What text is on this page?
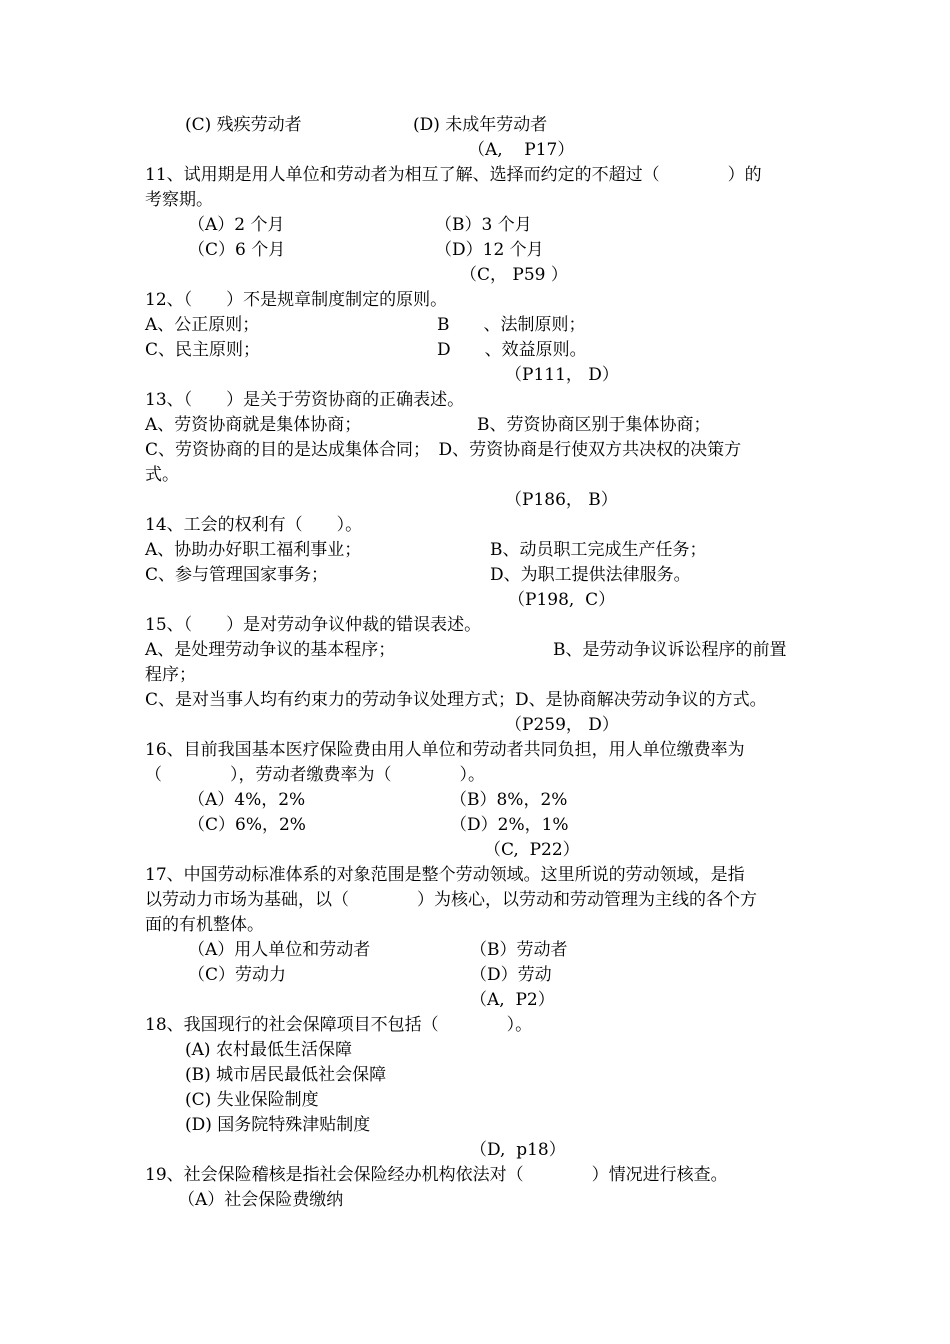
(C) 残疾劳动者	(D) 未成年劳动者
（A,    P17）
11、试用期是用人单位和劳动者为相互了解、选择而约定的不超过（　　　　）的
考察期。
（A）2 个月	（B）3 个月
（C）6 个月	（D）12 个月
（C， P59 ）
12、（　　）不是规章制度制定的原则。
A、公正原则；	B　　、法制原则；
C、民主原则；	D　　、效益原则。
（P111， D）
13、（　　）是关于劳资协商的正确表述。
A、劳资协商就是集体协商；	B、劳资协商区别于集体协商；
C、劳资协商的目的是达成集体合同；　D、劳资协商是行使双方共决权的决策方
式。
（P186， B）
14、工会的权利有（　　）。
A、协助办好职工福利事业；	B、动员职工完成生产任务；
C、参与管理国家事务；	D、为职工提供法律服务。
（P198,  C）
15、（　　）是对劳动争议仲裁的错误表述。
A、是处理劳动争议的基本程序；	B、是劳动争议诉讼程序的前置
程序；
C、是对当事人均有约束力的劳动争议处理方式；D、是协商解决劳动争议的方式。
（P259， D）
16、目前我国基本医疗保险费由用人单位和劳动者共同负担，用人单位缴费率为
（　　　　），劳动者缴费率为（　　　　）。
（A）4%，2%	（B）8%，2%
（C）6%，2%	（D）2%，1%
（C,  P22）
17、中国劳动标准体系的对象范围是整个劳动领域。这里所说的劳动领域，是指
以劳动力市场为基础，以（　　　　）为核心，以劳动和劳动管理为主线的各个方
面的有机整体。
（A）用人单位和劳动者	（B）劳动者
（C）劳动力	（D）劳动
（A,  P2）
18、我国现行的社会保障项目不包括（　　　　）。
(A) 农村最低生活保障
(B) 城市居民最低社会保障
(C) 失业保险制度
(D) 国务院特殊津贴制度
（D,  p18）
19、社会保险稽核是指社会保险经办机构依法对（　　　　）情况进行核查。
（A）社会保险费缴纳
